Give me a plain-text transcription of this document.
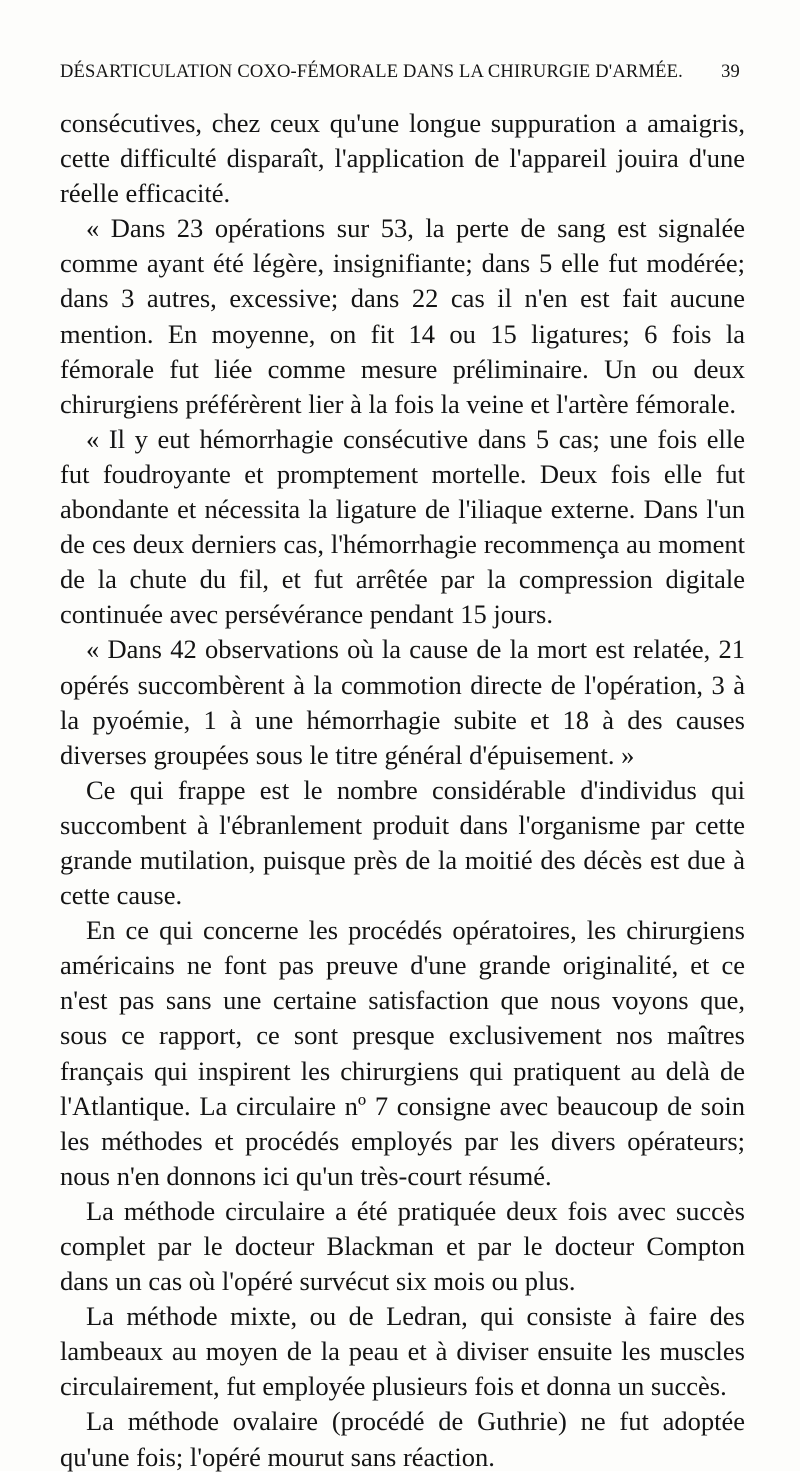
DÉSARTICULATION COXO-FÉMORALE DANS LA CHIRURGIE D'ARMÉE. 39

consécutives, chez ceux qu'une longue suppuration a amaigris, cette difficulté disparaît, l'application de l'appareil jouira d'une réelle efficacité.

« Dans 23 opérations sur 53, la perte de sang est signalée comme ayant été légère, insignifiante; dans 5 elle fut modérée; dans 3 autres, excessive; dans 22 cas il n'en est fait aucune mention. En moyenne, on fit 14 ou 15 ligatures; 6 fois la fémorale fut liée comme mesure préliminaire. Un ou deux chirurgiens préférèrent lier à la fois la veine et l'artère fémorale.

« Il y eut hémorrhagie consécutive dans 5 cas; une fois elle fut foudroyante et promptement mortelle. Deux fois elle fut abondante et nécessita la ligature de l'iliaque externe. Dans l'un de ces deux derniers cas, l'hémorrhagie recommença au moment de la chute du fil, et fut arrêtée par la compression digitale continuée avec persévérance pendant 15 jours.

« Dans 42 observations où la cause de la mort est relatée, 21 opérés succombèrent à la commotion directe de l'opération, 3 à la pyoémie, 1 à une hémorrhagie subite et 18 à des causes diverses groupées sous le titre général d'épuisement. »

Ce qui frappe est le nombre considérable d'individus qui succombent à l'ébranlement produit dans l'organisme par cette grande mutilation, puisque près de la moitié des décès est due à cette cause.

En ce qui concerne les procédés opératoires, les chirurgiens américains ne font pas preuve d'une grande originalité, et ce n'est pas sans une certaine satisfaction que nous voyons que, sous ce rapport, ce sont presque exclusivement nos maîtres français qui inspirent les chirurgiens qui pratiquent au delà de l'Atlantique. La circulaire nº 7 consigne avec beaucoup de soin les méthodes et procédés employés par les divers opérateurs; nous n'en donnons ici qu'un très-court résumé.

La méthode circulaire a été pratiquée deux fois avec succès complet par le docteur Blackman et par le docteur Compton dans un cas où l'opéré survécut six mois ou plus.

La méthode mixte, ou de Ledran, qui consiste à faire des lambeaux au moyen de la peau et à diviser ensuite les muscles circulairement, fut employée plusieurs fois et donna un succès.

La méthode ovalaire (procédé de Guthrie) ne fut adoptée qu'une fois; l'opéré mourut sans réaction.
